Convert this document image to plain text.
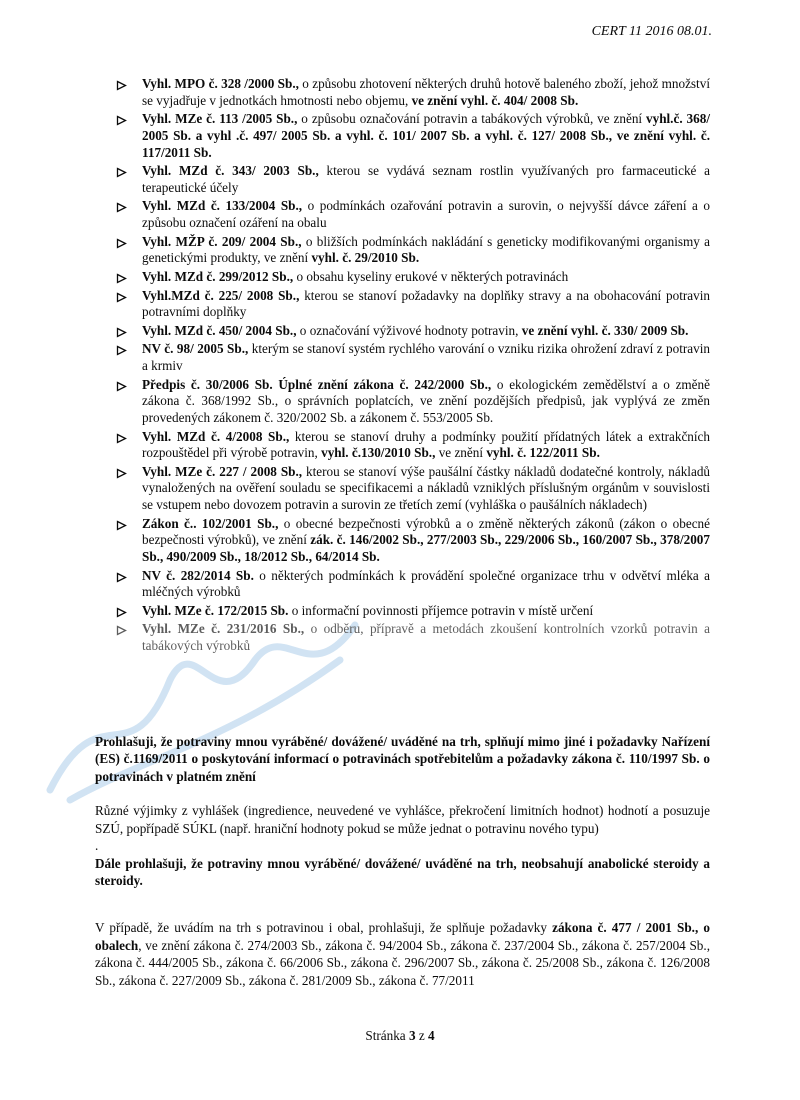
CERT 11 2016 08.01.
Vyhl. MPO č. 328 /2000 Sb., o způsobu zhotovení některých druhů hotově baleného zboží, jehož množství se vyjadřuje v jednotkách hmotnosti nebo objemu, ve znění vyhl. č. 404/ 2008 Sb.
Vyhl. MZe č. 113 /2005 Sb., o způsobu označování potravin a tabákových výrobků, ve znění vyhl.č. 368/ 2005 Sb. a vyhl .č. 497/ 2005 Sb. a vyhl. č. 101/ 2007 Sb. a vyhl. č. 127/ 2008 Sb., ve znění vyhl. č. 117/2011 Sb.
Vyhl. MZd č. 343/ 2003 Sb., kterou se vydává seznam rostlin využívaných pro farmaceutické a terapeutické účely
Vyhl. MZd č. 133/2004 Sb., o podmínkách ozařování potravin a surovin, o nejvyšší dávce záření a o způsobu označení ozáření na obalu
Vyhl. MŽP č. 209/ 2004 Sb., o bližších podmínkách nakládání s geneticky modifikovanými organismy a genetickými produkty, ve znění vyhl. č. 29/2010 Sb.
Vyhl. MZd č. 299/2012 Sb., o obsahu kyseliny erukové v některých potravinách
Vyhl.MZd č. 225/ 2008 Sb., kterou se stanoví požadavky na doplňky stravy a na obohacování potravin potravními doplňky
Vyhl. MZd č. 450/ 2004 Sb., o označování výživové hodnoty potravin, ve znění vyhl. č. 330/ 2009 Sb.
NV č. 98/ 2005 Sb., kterým se stanoví systém rychlého varování o vzniku rizika ohrožení zdraví z potravin a krmiv
Předpis č. 30/2006 Sb. Úplné znění zákona č. 242/2000 Sb., o ekologickém zemědělství a o změně zákona č. 368/1992 Sb., o správních poplatcích, ve znění pozdějších předpisů, jak vyplývá ze změn provedených zákonem č. 320/2002 Sb. a zákonem č. 553/2005 Sb.
Vyhl. MZd č. 4/2008 Sb., kterou se stanoví druhy a podmínky použití přídatných látek a extrakčních rozpouštědel při výrobě potravin, vyhl. č.130/2010 Sb., ve znění vyhl. č. 122/2011 Sb.
Vyhl. MZe č. 227 / 2008 Sb., kterou se stanoví výše paušální částky nákladů dodatečné kontroly, nákladů vynaložených na ověření souladu se specifikacemi a nákladů vzniklých příslušným orgánům v souvislosti se vstupem nebo dovozem potravin a surovin ze třetích zemí (vyhláška o paušálních nákladech)
Zákon č.. 102/2001 Sb., o obecné bezpečnosti výrobků a o změně některých zákonů (zákon o obecné bezpečnosti výrobků), ve znění zák. č. 146/2002 Sb., 277/2003 Sb., 229/2006 Sb., 160/2007 Sb., 378/2007 Sb., 490/2009 Sb., 18/2012 Sb., 64/2014 Sb.
NV č. 282/2014 Sb. o některých podmínkách k provádění společné organizace trhu v odvětví mléka a mléčných výrobků
Vyhl. MZe č. 172/2015 Sb. o informační povinnosti příjemce potravin v místě určení
Vyhl. MZe č. 231/2016 Sb., o odběru, přípravě a metodách zkoušení kontrolních vzorků potravin a tabákových výrobků
Prohlašuji, že potraviny mnou vyráběné/ dovážené/ uváděné na trh, splňují mimo jiné i požadavky Nařízení (ES) č.1169/2011 o poskytování informací o potravinách spotřebitelům a požadavky zákona č. 110/1997 Sb. o potravinách v platném znění
Různé výjimky z vyhlášek (ingredience, neuvedené ve vyhlášce, překročení limitních hodnot) hodnotí a posuzuje SZÚ, popřípadě SÚKL (např. hraniční hodnoty pokud se může jednat o potravinu nového typu)
.
Dále prohlašuji, že potraviny mnou vyráběné/ dovážené/ uváděné na trh, neobsahují anabolické steroidy a steroidy.
V případě, že uvádím na trh s potravinou i obal, prohlašuji, že splňuje požadavky zákona č. 477 / 2001 Sb., o obalech, ve znění zákona č. 274/2003 Sb., zákona č. 94/2004 Sb., zákona č. 237/2004 Sb., zákona č. 257/2004 Sb., zákona č. 444/2005 Sb., zákona č. 66/2006 Sb., zákona č. 296/2007 Sb., zákona č. 25/2008 Sb., zákona č. 126/2008 Sb., zákona č. 227/2009 Sb., zákona č. 281/2009 Sb., zákona č. 77/2011
Stránka 3 z 4
